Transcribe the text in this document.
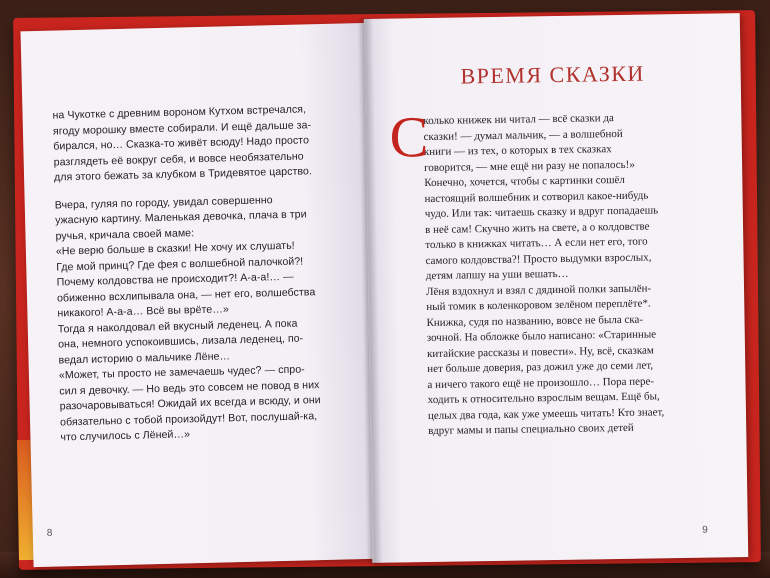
на Чукотке с древним вороном Кутхом встречался,
ягоду морошку вместе собирали. И ещё дальше за-
бирался, но… Сказка-то живёт всюду! Надо просто
разглядеть её вокруг себя, и вовсе необязательно
для этого бежать за клубком в Тридевятое царство.

Вчера, гуляя по городу, увидал совершенно
ужасную картину. Маленькая девочка, плача в три
ручья, кричала своей маме:

«Не верю больше в сказки! Не хочу их слушать!
Где мой принц? Где фея с волшебной палочкой?!
Почему колдовства не происходит?! А-а-а!… —
обиженно всхлипывала она, — нет его, волшебства
никакого! А-а-а… Всё вы врёте…»

Тогда я наколдовал ей вкусный леденец. А пока
она, немного успокоившись, лизала леденец, по-
ведал историю о мальчике Лёне…

«Может, ты просто не замечаешь чудес? — спро-
сил я девочку. — Но ведь это совсем не повод в них
разочаровываться! Ожидай их всегда и всюду, и они
обязательно с тобой произойдут! Вот, послушай-ка,
что случилось с Лёней…»

8
ВРЕМЯ СКАЗКИ
С

колько книжек ни читал — всё сказки да
сказки! — думал мальчик, — а волшебной
книги — из тех, о которых в тех сказках
говорится, — мне ещё ни разу не попалось!»

Конечно, хочется, чтобы с картинки сошёл
настоящий волшебник и сотворил какое-нибудь
чудо. Или так: читаешь сказку и вдруг попадаешь
в неё сам! Скучно жить на свете, а о колдовстве
только в книжках читать… А если нет его, того
самого колдовства?! Просто выдумки взрослых,
детям лапшу на уши вешать…

Лёня вздохнул и взял с дядиной полки запылён-
ный томик в коленкоровом зелёном переплёте*.
Книжка, судя по названию, вовсе не была ска-
зочной. На обложке было написано: «Старинные
китайские рассказы и повести». Ну, всё, сказкам
нет больше доверия, раз дожил уже до семи лет,
а ничего такого ещё не произошло… Пора пере-
ходить к относительно взрослым вещам. Ещё бы,
целых два года, как уже умеешь читать! Кто знает,
вдруг мамы и папы специально своих детей

9
